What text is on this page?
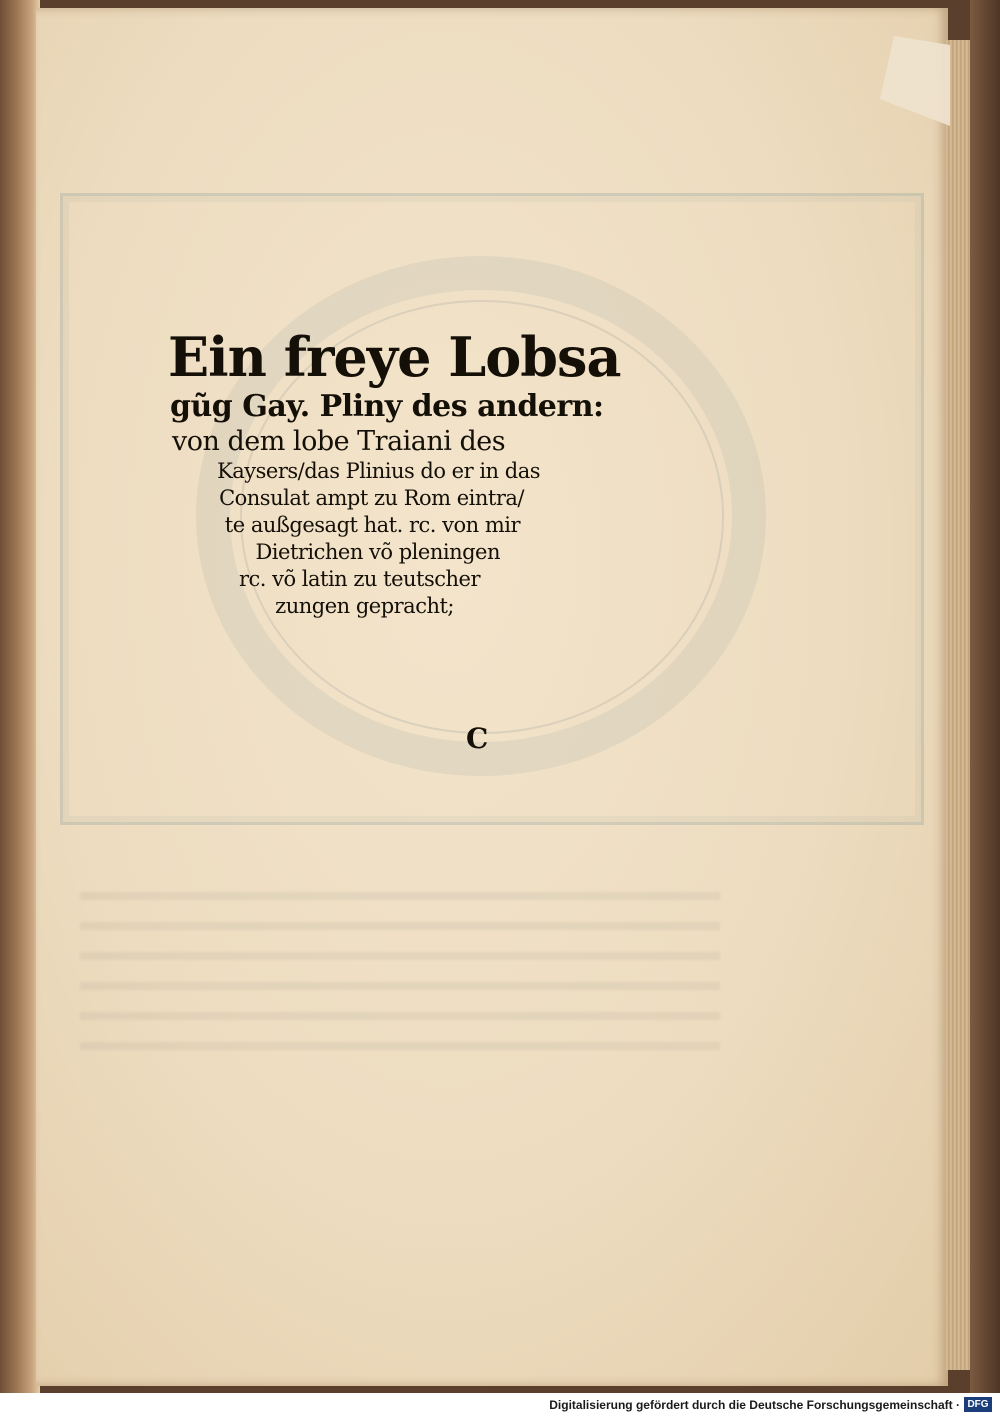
Ein freye Lobsa
gũg Gay. Pliny des andern:
von dem lobe Traiani des
Kaysers/das Plinius do er in das
Consulat ampt zu Rom eintra/
te außgesagt hat. rc. von mir
Dietrichen võ pleningen
rc. võ latin zu teutscher
zungen gepracht;
C
Digitalisierung gefördert durch die Deutsche Forschungsgemeinschaft · DFG
